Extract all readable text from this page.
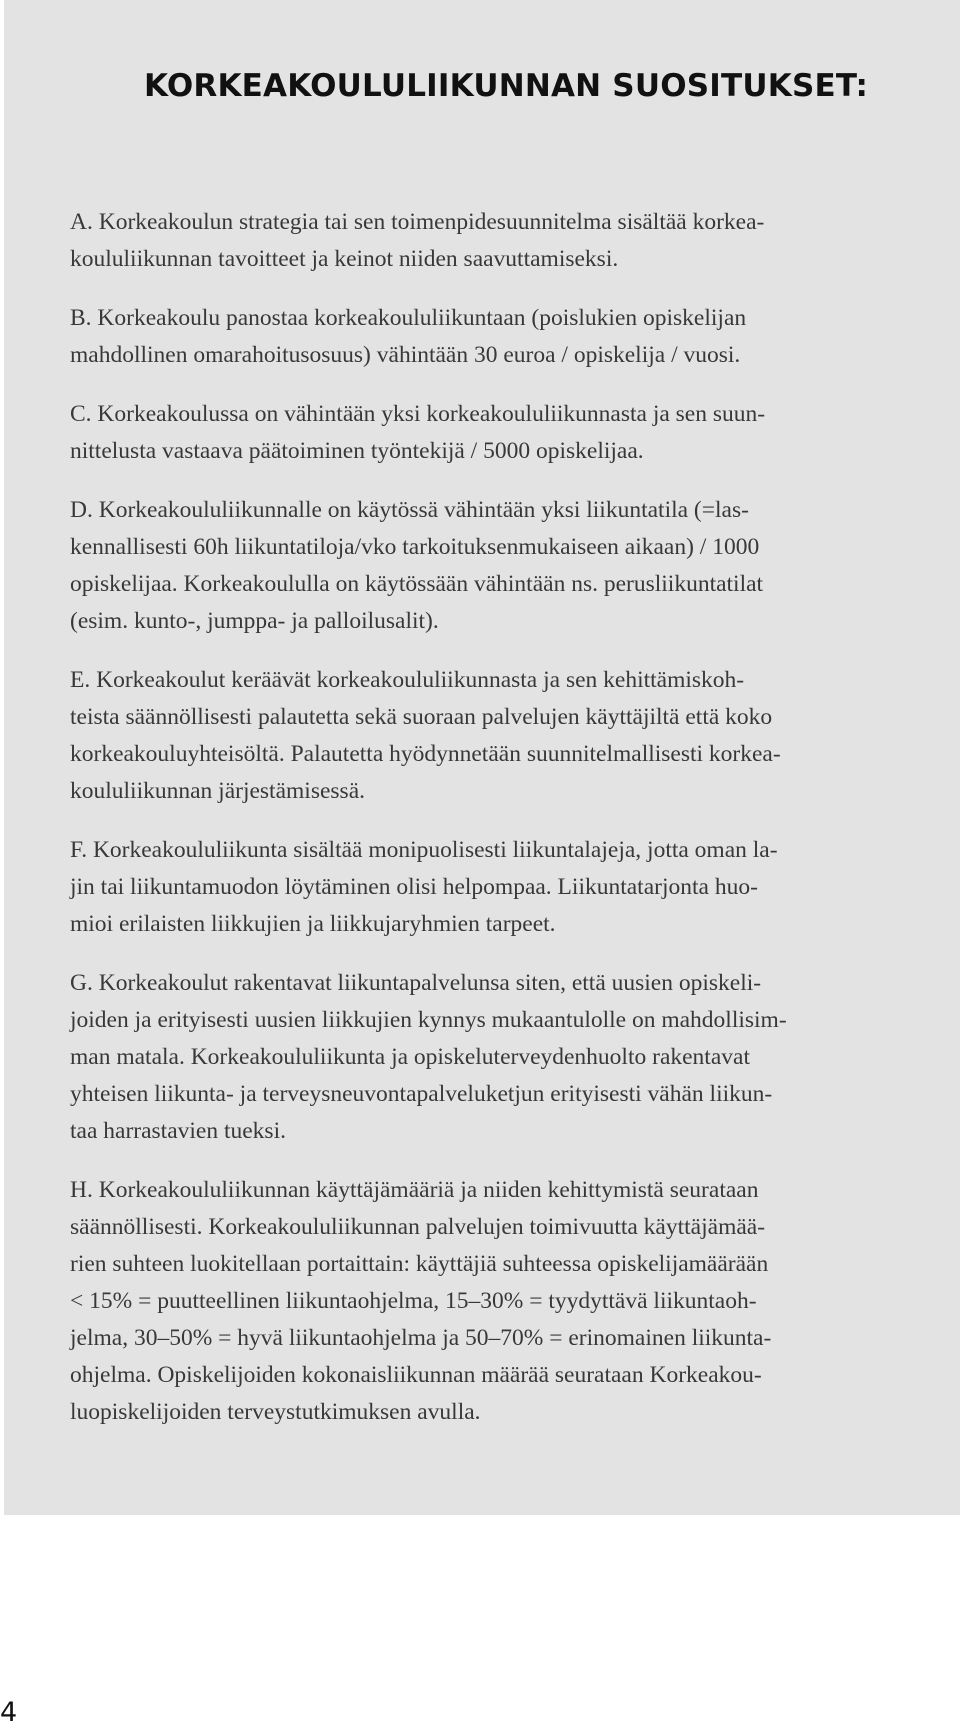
KORKEAKOULULIIKUNNAN SUOSITUKSET:

A. Korkeakoulun strategia tai sen toimenpidesuunnitelma sisältää korkea-
koululiikunnan tavoitteet ja keinot niiden saavuttamiseksi.

B. Korkeakoulu panostaa korkeakoululiikuntaan (poislukien opiskelijan
mahdollinen omarahoitusosuus) vähintään 30 euroa / opiskelija / vuosi.

C. Korkeakoulussa on vähintään yksi korkeakoululiikunnasta ja sen suun-
nittelusta vastaava päätoiminen työntekijä / 5000 opiskelijaa.

D. Korkeakoululiikunnalle on käytössä vähintään yksi liikuntatila (=las-
kennallisesti 60h liikuntatiloja/vko tarkoituksenmukaiseen aikaan) / 1000
opiskelijaa. Korkeakoululla on käytössään vähintään ns. perusliikuntatilat
(esim. kunto-, jumppa- ja palloilusalit).

E. Korkeakoulut keräävät korkeakoululiikunnasta ja sen kehittämiskoh-
teista säännöllisesti palautetta sekä suoraan palvelujen käyttäjiltä että koko
korkeakouluyhteisöltä. Palautetta hyödynnetään suunnitelmallisesti korkea-
koululiikunnan järjestämisessä.

F. Korkeakoululiikunta sisältää monipuolisesti liikuntalajeja, jotta oman la-
jin tai liikuntamuodon löytäminen olisi helpompaa. Liikuntatarjonta huo-
mioi erilaisten liikkujien ja liikkujaryhmien tarpeet.

G. Korkeakoulut rakentavat liikuntapalvelunsa siten, että uusien opiskeli-
joiden ja erityisesti uusien liikkujien kynnys mukaantulolle on mahdollisim-
man matala. Korkeakoululiikunta ja opiskeluterveydenhuolto rakentavat
yhteisen liikunta- ja terveysneuvontapalveluketjun erityisesti vähän liikun-
taa harrastavien tueksi.

H. Korkeakoululiikunnan käyttäjämääriä ja niiden kehittymistä seurataan
säännöllisesti. Korkeakoululiikunnan palvelujen toimivuutta käyttäjämää-
rien suhteen luokitellaan portaittain: käyttäjiä suhteessa opiskelijamäärään
< 15% = puutteellinen liikuntaohjelma, 15–30% = tyydyttävä liikuntaoh-
jelma, 30–50% = hyvä liikuntaohjelma ja 50–70% = erinomainen liikunta-
ohjelma. Opiskelijoiden kokonaisliikunnan määrää seurataan Korkeakou-
luopiskelijoiden terveystutkimuksen avulla.

4
